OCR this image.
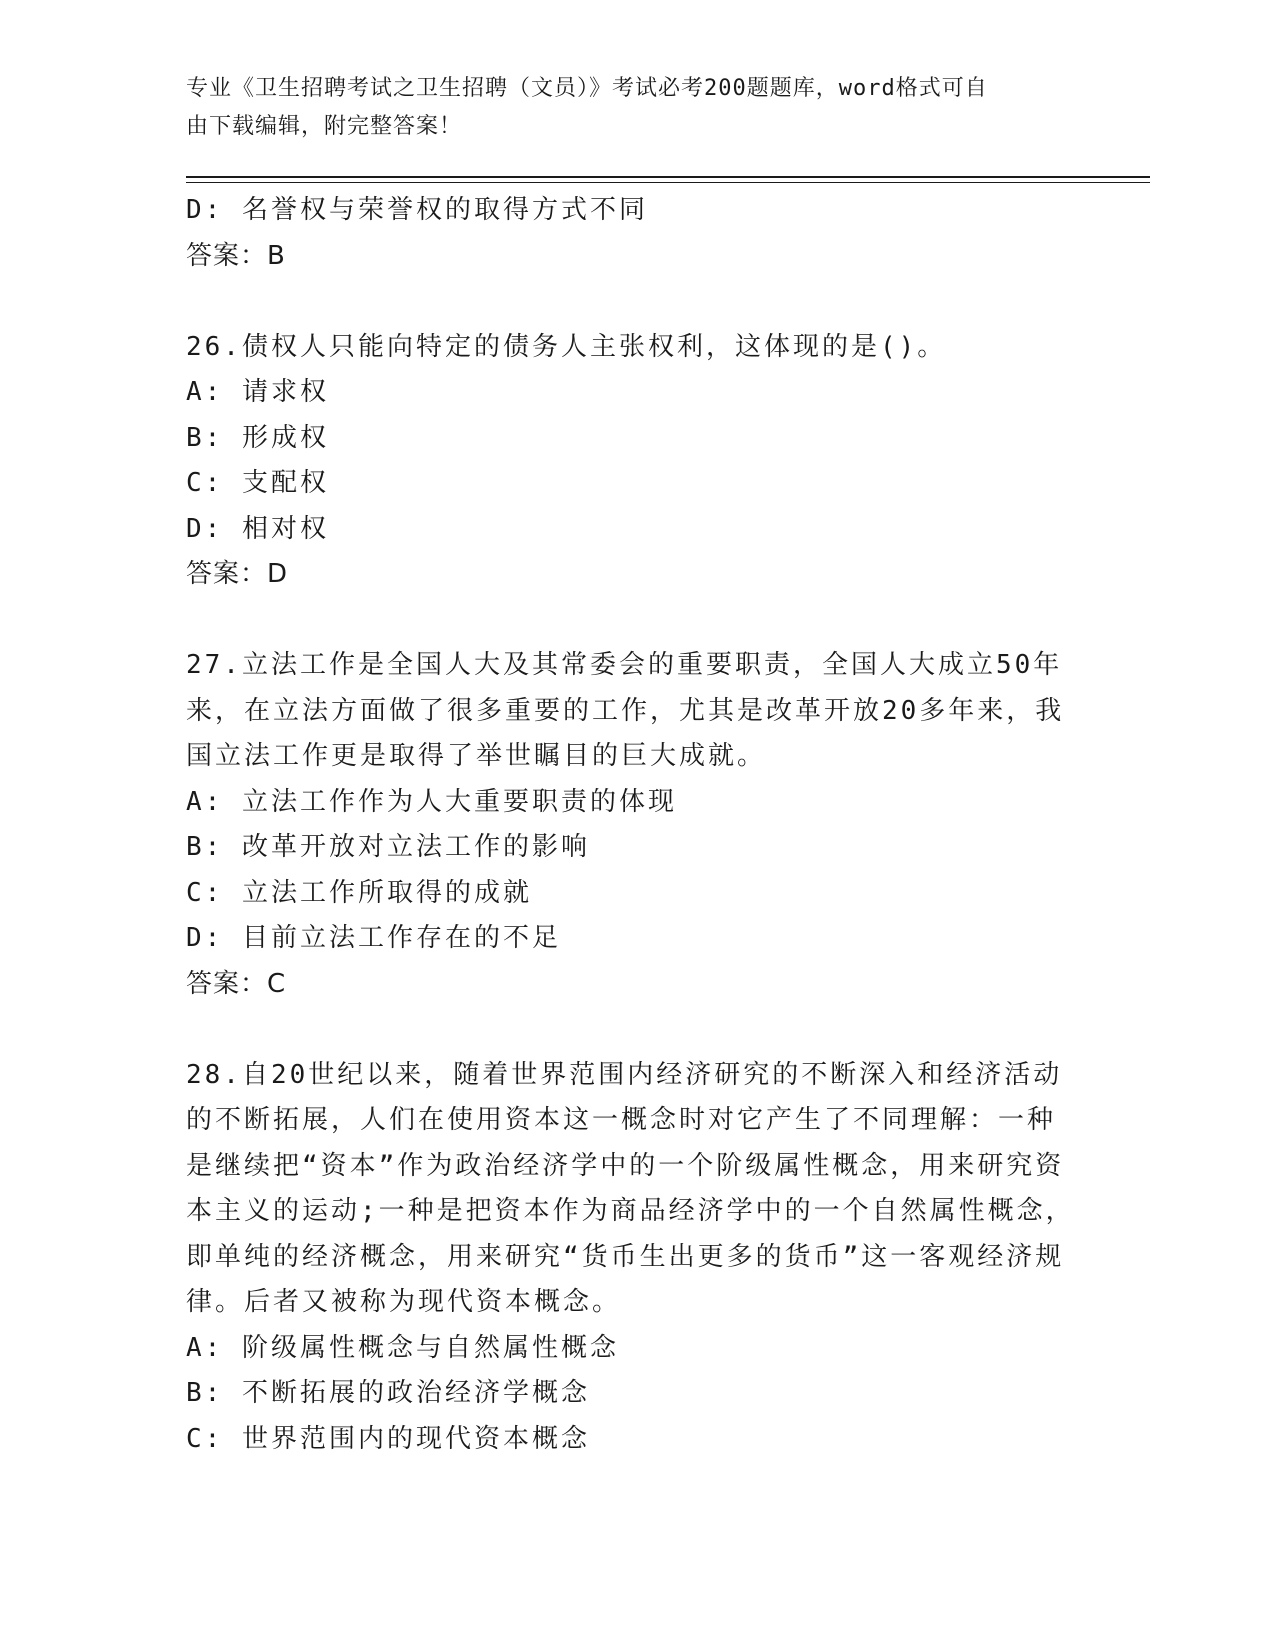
专业《卫生招聘考试之卫生招聘（文员）》考试必考200题题库，word格式可自
由下载编辑，附完整答案！
D: 名誉权与荣誉权的取得方式不同
答案：B
26.债权人只能向特定的债务人主张权利，这体现的是()。
A: 请求权
B: 形成权
C: 支配权
D: 相对权
答案：D
27.立法工作是全国人大及其常委会的重要职责，全国人大成立50年来，在立法方面做了很多重要的工作，尤其是改革开放20多年来，我国立法工作更是取得了举世瞩目的巨大成就。
A: 立法工作作为人大重要职责的体现
B: 改革开放对立法工作的影响
C: 立法工作所取得的成就
D: 目前立法工作存在的不足
答案：C
28.自20世纪以来，随着世界范围内经济研究的不断深入和经济活动的不断拓展，人们在使用资本这一概念时对它产生了不同理解：一种是继续把“资本”作为政治经济学中的一个阶级属性概念，用来研究资本主义的运动;一种是把资本作为商品经济学中的一个自然属性概念，即单纯的经济概念，用来研究“货币生出更多的货币”这一客观经济规律。后者又被称为现代资本概念。
A: 阶级属性概念与自然属性概念
B: 不断拓展的政治经济学概念
C: 世界范围内的现代资本概念
